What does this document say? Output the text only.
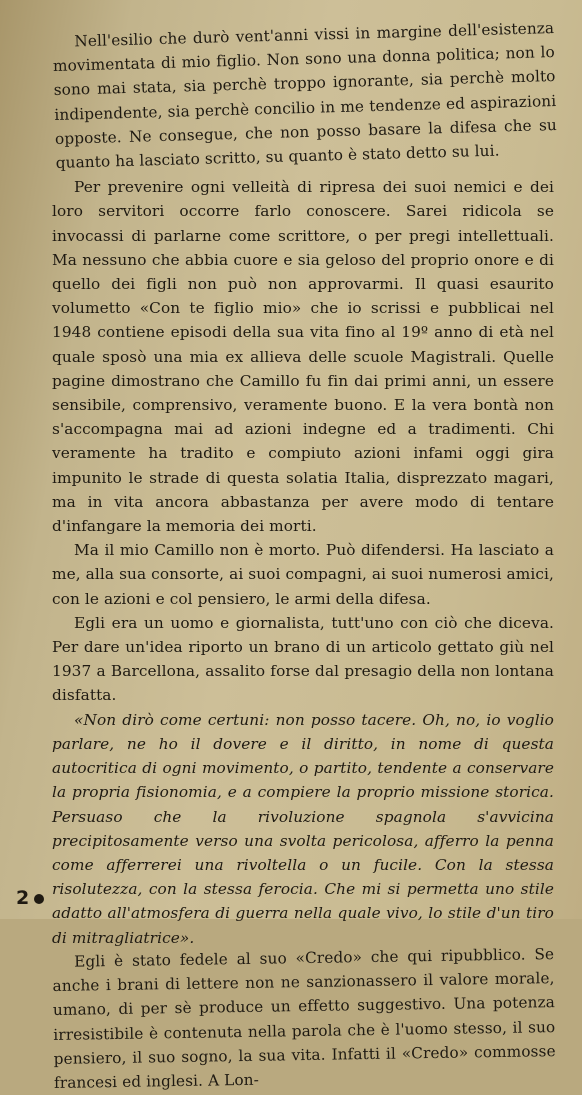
Nell'esilio che durò vent'anni vissi in margine dell'esistenza movimentata di mio figlio. Non sono una donna politica; non lo sono mai stata, sia perchè troppo ignorante, sia perchè molto indipendente, sia perchè concilio in me tendenze ed aspirazioni opposte. Ne consegue, che non posso basare la difesa che su quanto ha lasciato scritto, su quanto è stato detto su lui.

Per prevenire ogni velleità di ripresa dei suoi nemici e dei loro servitori occorre farlo conoscere. Sarei ridicola se invocassi di parlarne come scrittore, o per pregi intellettuali. Ma nessuno che abbia cuore e sia geloso del proprio onore e di quello dei figli non può non approvarmi. Il quasi esaurito volumetto «Con te figlio mio» che io scrissi e pubblicai nel 1948 contiene episodi della sua vita fino al 19º anno di età nel quale sposò una mia ex allieva delle scuole Magistrali. Quelle pagine dimostrano che Camillo fu fin dai primi anni, un essere sensibile, comprensivo, veramente buono. E la vera bontà non s'accompagna mai ad azioni indegne ed a tradimenti. Chi veramente ha tradito e compiuto azioni infami oggi gira impunito le strade di questa solatia Italia, disprezzato magari, ma in vita ancora abbastanza per avere modo di tentare d'infangare la memoria dei morti.

Ma il mio Camillo non è morto. Può difendersi. Ha lasciato a me, alla sua consorte, ai suoi compagni, ai suoi numerosi amici, con le azioni e col pensiero, le armi della difesa.

Egli era un uomo e giornalista, tutt'uno con ciò che diceva. Per dare un'idea riporto un brano di un articolo gettato giù nel 1937 a Barcellona, assalito forse dal presagio della non lontana disfatta.

«Non dirò come certuni: non posso tacere. Oh, no, io voglio parlare, ne ho il dovere e il diritto, in nome di questa autocritica di ogni movimento, o partito, tendente a conservare la propria fisionomia, e a compiere la proprio missione storica. Persuaso che la rivoluzione spagnola s'avvicina precipitosamente verso una svolta pericolosa, afferro la penna come afferrerei una rivoltella o un fucile. Con la stessa risolutezza, con la stessa ferocia. Che mi si permetta uno stile adatto all'atmosfera di guerra nella quale vivo, lo stile d'un tiro di mitragliatrice».

Egli è stato fedele al suo «Credo» che qui ripubblico. Se anche i brani di lettere non ne sanzionassero il valore morale, umano, di per sè produce un effetto suggestivo. Una potenza irresistibile è contenuta nella parola che è l'uomo stesso, il suo pensiero, il suo sogno, la sua vita. Infatti il «Credo» commosse francesi ed inglesi. A Lon-

2
